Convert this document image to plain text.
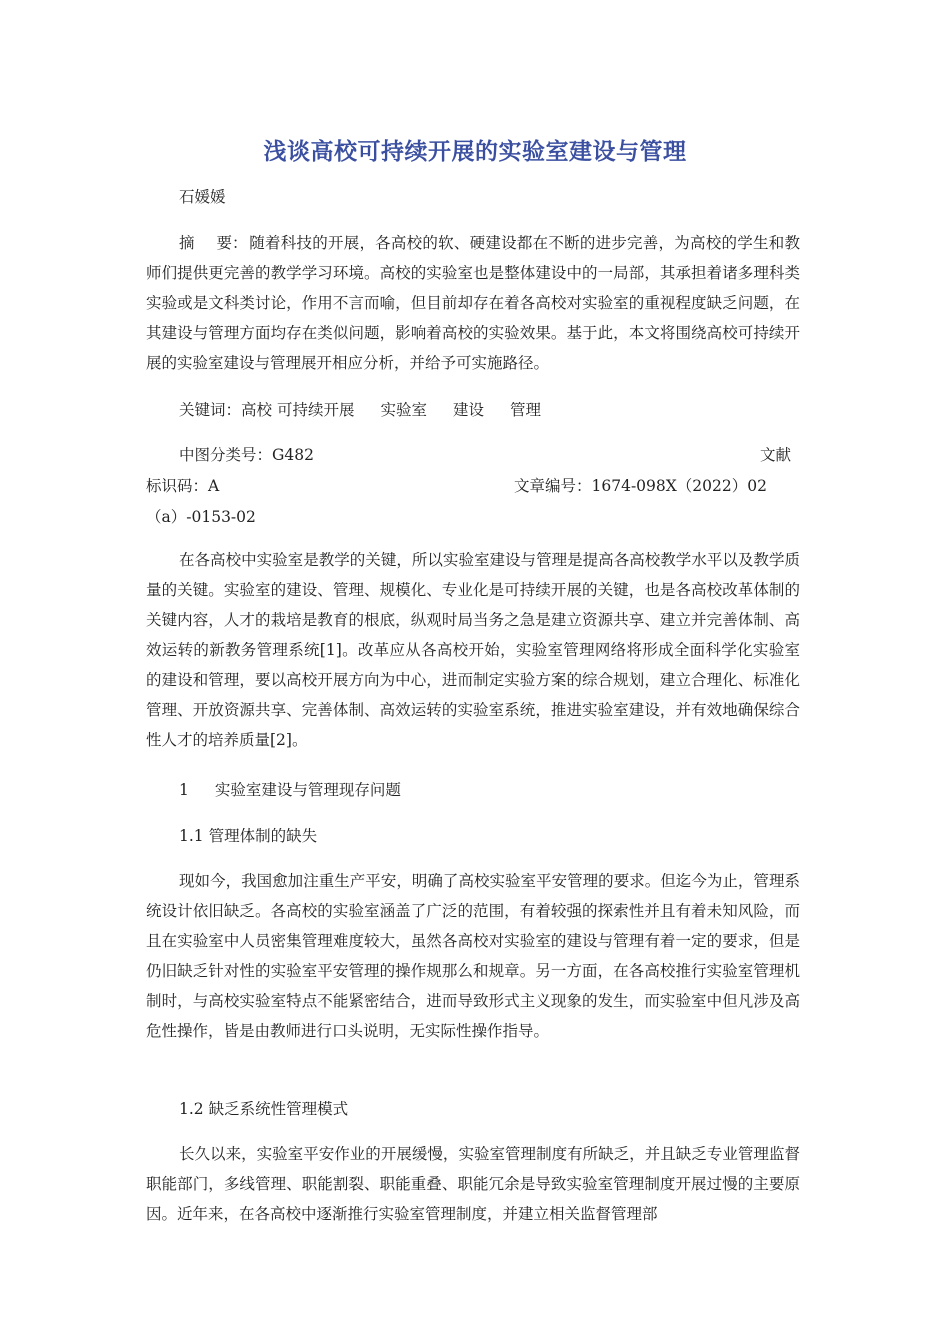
浅谈高校可持续开展的实验室建设与管理
石媛媛
摘 要：随着科技的开展，各高校的软、硬建设都在不断的进步完善，为高校的学生和教师们提供更完善的教学学习环境。高校的实验室也是整体建设中的一局部，其承担着诸多理科类实验或是文科类讨论，作用不言而喻，但目前却存在着各高校对实验室的重视程度缺乏问题，在其建设与管理方面均存在类似问题，影响着高校的实验效果。基于此，本文将围绕高校可持续开展的实验室建设与管理展开相应分析，并给予可实施路径。
关键词：高校 可持续开展 实验室 建设 管理
中图分类号：G482	文献
标识码：A	文章编号：1674-098X（2022）02
（a）-0153-02
在各高校中实验室是教学的关键，所以实验室建设与管理是提高各高校教学水平以及教学质量的关键。实验室的建设、管理、规模化、专业化是可持续开展的关键，也是各高校改革体制的关键内容，人才的栽培是教育的根底，纵观时局当务之急是建立资源共享、建立并完善体制、高效运转的新教务管理系统[1]。改革应从各高校开始，实验室管理网络将形成全面科学化实验室的建设和管理，要以高校开展方向为中心，进而制定实验方案的综合规划，建立合理化、标准化管理、开放资源共享、完善体制、高效运转的实验室系统，推进实验室建设，并有效地确保综合性人才的培养质量[2]。
1 实验室建设与管理现存问题
1.1 管理体制的缺失
现如今，我国愈加注重生产平安，明确了高校实验室平安管理的要求。但迄今为止，管理系统设计依旧缺乏。各高校的实验室涵盖了广泛的范围，有着较强的探索性并且有着未知风险，而且在实验室中人员密集管理难度较大，虽然各高校对实验室的建设与管理有着一定的要求，但是仍旧缺乏针对性的实验室平安管理的操作规那么和规章。另一方面，在各高校推行实验室管理机制时，与高校实验室特点不能紧密结合，进而导致形式主义现象的发生，而实验室中但凡涉及高危性操作，皆是由教师进行口头说明，无实际性操作指导。
1.2 缺乏系统性管理模式
长久以来，实验室平安作业的开展缓慢，实验室管理制度有所缺乏，并且缺乏专业管理监督职能部门，多线管理、职能割裂、职能重叠、职能冗余是导致实验室管理制度开展过慢的主要原因。近年来，在各高校中逐渐推行实验室管理制度，并建立相关监督管理部
